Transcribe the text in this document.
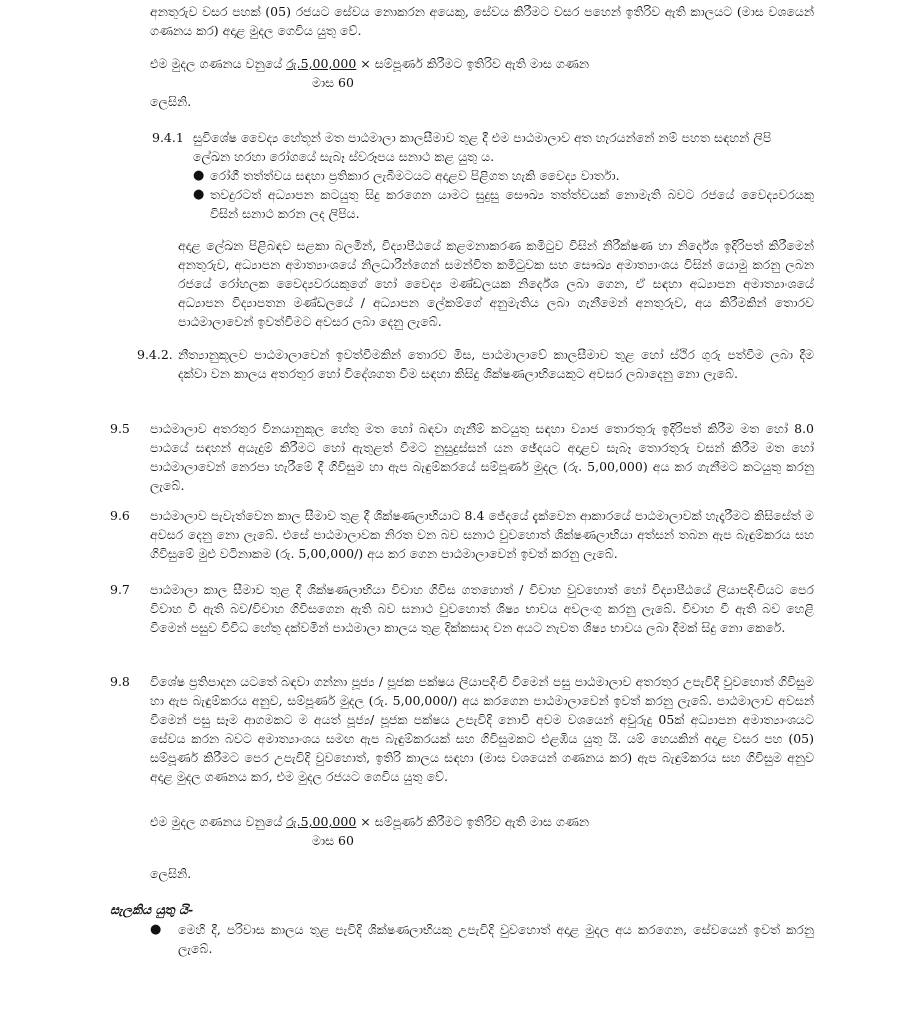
අනතුරුව වසර පහක් (05) රජයට සේවය නොකරන අයෙකු, සේවය කිරීමට වසර පහෙන් ඉතිරිව ඇති කාලයට (මාස වශයෙන් ගණනය කර) අදාළ මුදල ගෙවිය යුතු වේ.

එම මුදල ගණනය වනුයේ රු.5,00,000 × සම්පූර්ණ කිරීමට ඉතිරිව ඇති මාස ගණන
මාස 60
ලෙසිනි.
9.4.1 සුවිශේෂ වෛද්‍ය හේතූන් මත පාඨමාලා කාලසීමාව තුළ දී එම පාඨමාලාව අත හැරයන්නේ නම් පහත සඳහන් ලිපි ලේඛන හරහා රෝගයේ සැබෑ ස්වරූපය සනාථ කළ යුතු ය.

● රෝගී තත්ත්වය සඳහා ප්‍රතිකාර ලැබීමටයට අදාළව පිළිගත හැකි වෛද්‍ය වාර්තා.

● තවදුරටත් අධ්‍යාපන කටයුතු සිදු කරගෙන යාමට සුදුසු සෞඛ්‍ය තත්ත්වයක් නොමැති බවට රජයේ වෛද්‍යවරයකු විසින් සනාථ කරන ලද ලිපිය.

අදාළ ලේඛන පිළිබඳව සළකා බලමින්, විද්‍යාපීඨයේ කළමනාකරණ කමිටුව විසින් නිරීක්ෂණ හා නිර්දේශ ඉදිරිපත් කිරීමෙන් අනතුරුව, අධ්‍යාපන අමාත්‍යාංශයේ නිලධාරීන්ගෙන් සමන්විත කමිටුවක සහ සෞඛ්‍ය අමාත්‍යාංශය විසින් යොමු කරනු ලබන රජයේ රෝහලක වෛද්‍යවරයකුගේ හෝ වෛද්‍ය මණ්ඩලයක නිර්දේශ ලබා ගෙන, ඒ සඳහා අධ්‍යාපන අමාත්‍යාංශයේ අධ්‍යාපන විද්‍යාපතන මණ්ඩලයේ / අධ්‍යාපන ලේකම්ගේ අනුමැතිය ලබා ගැනීමෙන් අනතුරුව, අය කිරීමකින් තොරව පාඨමාලාවෙන් ඉවත්වීමට අවසර ලබා දෙනු ලැබේ.

9.4.2. නීත්‍යානුකූලව පාඨමාලාවෙන් ඉවත්වීමකින් තොරව මිස, පාඨමාලාවේ කාලසීමාව තුළ හෝ ස්ථිර ගුරු පත්වීම ලබා දීම දක්වා වන කාලය අතරතුර හෝ විදේශගත වීම සඳහා කිසිදු ශික්ෂණලාභියෙකුට අවසර ලබාදෙනු නො ලැබේ.

9.5 පාඨමාලාව අතරතුර විනයානුකූල හේතු මත හෝ බඳවා ගැනීම් කටයුතු සඳහා ව්‍යාජ තොරතුරු ඉදිරිපත් කිරීම මත හෝ 8.0 පාඨයේ සඳහන් අයැදුම් කිරීමට හෝ ඇතුළත් වීමට නුසුදුස්සන් යන ඡේදයට අදාළව සැබෑ තොරතුරු වසන් කිරීම මත හෝ පාඨමාලාවෙන් නෙරපා හැරීමේ දී ගිවිසුම හා ඇප බැඳුම්කරයේ සම්පූර්ණ මුදල (රු. 5,00,000) අය කර ගැනීමට කටයුතු කරනු ලැබේ.

9.6 පාඨමාලාව පැවැත්වෙන කාල සීමාව තුළ දී ශික්ෂණලාභියාට 8.4 ජේදයේ දැක්වෙන ආකාරයේ පාඨමාලාවක් හැදෑරීමට කිසිසේත් ම අවසර දෙනු නො ලැබේ. එසේ පාඨමාලාවක නිරත වන බව සනාථ වුවහොත් ශික්ෂණලාභියා අත්සන් තබන ඇප බැඳුම්කරය සහ ගිවිසුමේ මුළු වටිනාකම (රු. 5,00,000/) අය කර ගෙන පාඨමාලාවෙන් ඉවත් කරනු ලැබේ.

9.7 පාඨමාලා කාල සීමාව තුළ දී ශික්ෂණලාභියා විවාහ ගිවිස ගතහොත් / විවාහ වුවහොත් හෝ විද්‍යාපීඨයේ ලියාපදිංචියට පෙර විවාහ වී ඇති බව/විවාහ ගිවිසගෙන ඇති බව සනාථ වුවහොත් ශිෂ්‍ය භාවය අවලංගු කරනු ලැබේ. විවාහ වී ඇති බව හෙළි වීමෙන් පසුව විවිධ හේතු දක්වමින් පාඨමාලා කාලය තුළ දික්කසාද වන අයට නැවත ශිෂ්‍ය භාවය ලබා දීමක් සිදු නො කෙරේ.

9.8 විශේෂ ප්‍රතිපාදන යටතේ බඳවා ගන්නා පූජ්‍ය / පූජක පක්ෂය ලියාපදිංචි වීමෙන් පසු පාඨමාලාව අතරතුර උපැවිදි වුවහොත් ගිවිසුම හා ඇප බැඳුම්කරය අනුව, සම්පූර්ණ මුදල (රු. 5,00,000/) අය කරගෙන පාඨමාලාවෙන් ඉවත් කරනු ලැබේ. පාඨමාලාව අවසන් වීමෙන් පසු සෑම ආගමකට ම අයත් පූජ්‍ය/ පූජක පක්ෂය උපැවිදි නොවී අවම වශයෙන් අවුරුදු 05ක් අධ්‍යාපන අමාත්‍යාංශයට සේවය කරන බවට අමාත්‍යාංශය සමඟ ඇප බැඳුම්කරයක් සහ ගිවිසුමකට එළඹිය යුතු යි. යම් හෙයකින් අදාළ වසර පහ (05) සම්පූර්ණ කිරීමට පෙර උපැවිදි වුවහොත්, ඉතිරි කාලය සඳහා (මාස වශයෙන් ගණනය කර) ඇප බැඳුම්කරය සහ ගිවිසුම අනුව අදාළ මුදල ගණනය කර, එම මුදල රජයට ගෙවිය යුතු වේ.

එම මුදල ගණනය වනුයේ රු.5,00,000 × සම්පූර්ණ කිරීමට ඉතිරිව ඇති මාස ගණන
මාස 60
ලෙසිනි.
සැලකිය යුතු යි-
● මෙහි දී, පරිවාස කාලය තුළ පැවිදි ශික්ෂණලාභියකු උපැවිදි වුවහොත් අදාළ මුදල අය කරගෙන, සේවයෙන් ඉවත් කරනු ලැබේ.
